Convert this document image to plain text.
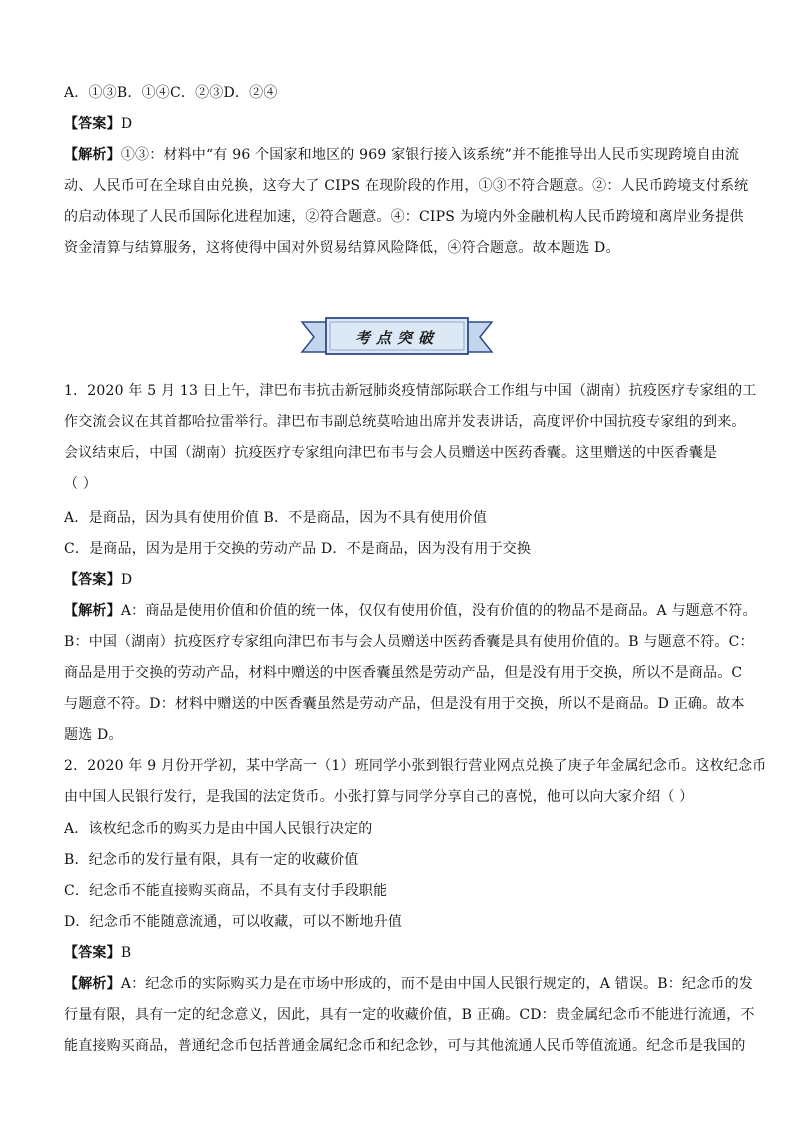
A．①③B．①④C．②③D．②④
【答案】D
【解析】①③：材料中“有 96 个国家和地区的 969 家银行接入该系统”并不能推导出人民币实现跨境自由流
动、人民币可在全球自由兑换，这夸大了 CIPS 在现阶段的作用，①③不符合题意。②：人民币跨境支付系统
的启动体现了人民币国际化进程加速，②符合题意。④：CIPS 为境内外金融机构人民币跨境和离岸业务提供
资金清算与结算服务，这将使得中国对外贸易结算风险降低，④符合题意。故本题选 D。
考点突破
1．2020 年 5 月 13 日上午，津巴布韦抗击新冠肺炎疫情部际联合工作组与中国（湖南）抗疫医疗专家组的工
作交流会议在其首都哈拉雷举行。津巴布韦副总统莫哈迪出席并发表讲话，高度评价中国抗疫专家组的到来。
会议结束后，中国（湖南）抗疫医疗专家组向津巴布韦与会人员赠送中医药香囊。这里赠送的中医香囊是
（ ）
A．是商品，因为具有使用价值 B．不是商品，因为不具有使用价值
C．是商品，因为是用于交换的劳动产品 D．不是商品，因为没有用于交换
【答案】D
【解析】A：商品是使用价值和价值的统一体，仅仅有使用价值，没有价值的的物品不是商品。A 与题意不符。
B：中国（湖南）抗疫医疗专家组向津巴布韦与会人员赠送中医药香囊是具有使用价值的。B 与题意不符。C：
商品是用于交换的劳动产品，材料中赠送的中医香囊虽然是劳动产品，但是没有用于交换，所以不是商品。C
与题意不符。D：材料中赠送的中医香囊虽然是劳动产品，但是没有用于交换，所以不是商品。D 正确。故本
题选 D。
2．2020 年 9 月份开学初，某中学高一（1）班同学小张到银行营业网点兑换了庚子年金属纪念币。这枚纪念币
由中国人民银行发行，是我国的法定货币。小张打算与同学分享自己的喜悦，他可以向大家介绍（ ）
A．该枚纪念币的购买力是由中国人民银行决定的
B．纪念币的发行量有限，具有一定的收藏价值
C．纪念币不能直接购买商品，不具有支付手段职能
D．纪念币不能随意流通，可以收藏，可以不断地升值
【答案】B
【解析】A：纪念币的实际购买力是在市场中形成的，而不是由中国人民银行规定的，A 错误。B：纪念币的发
行量有限，具有一定的纪念意义，因此，具有一定的收藏价值，B 正确。CD：贵金属纪念币不能进行流通，不
能直接购买商品，普通纪念币包括普通金属纪念币和纪念钞，可与其他流通人民币等值流通。纪念币是我国的
